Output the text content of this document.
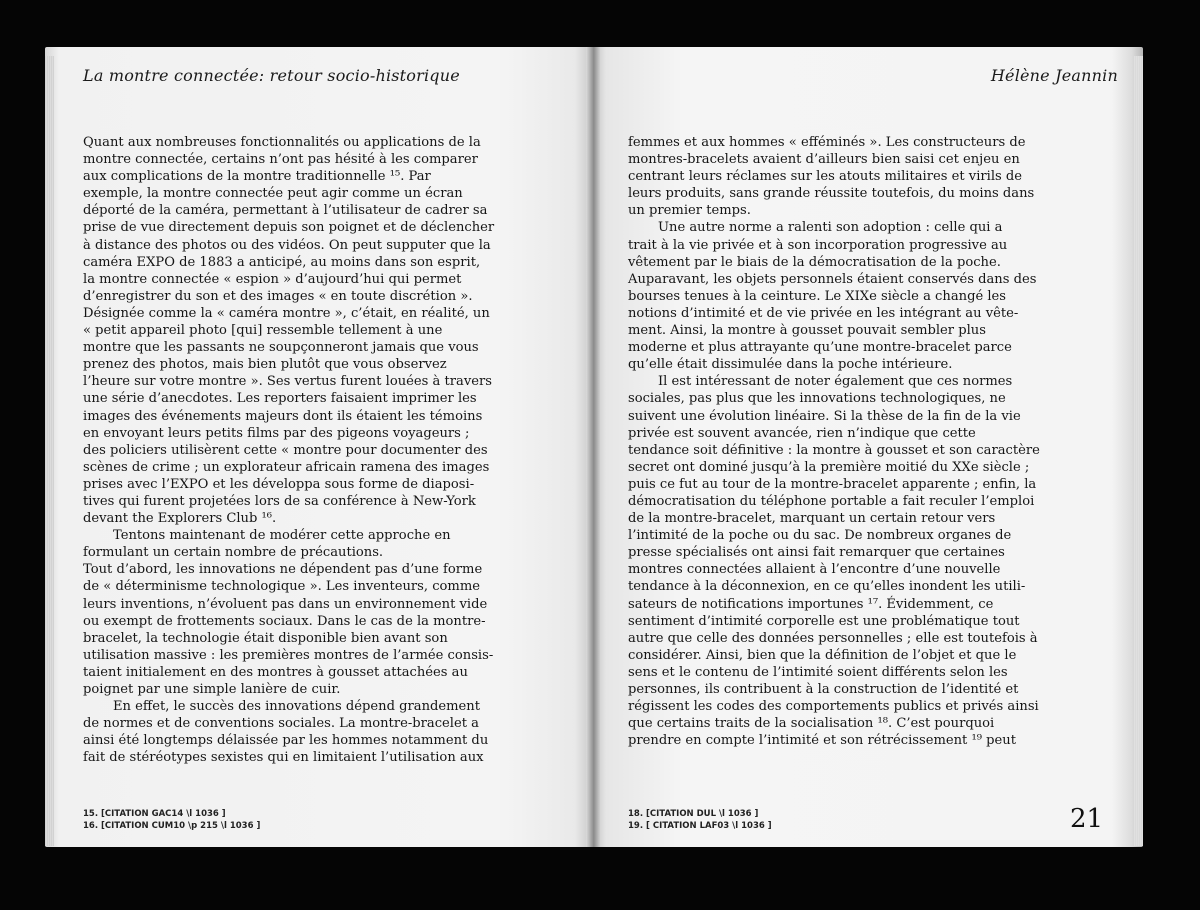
La montre connectée: retour socio-historique	Hélène Jeannin

Quant aux nombreuses fonctionnalités ou applications de la
montre connectée, certains n’ont pas hésité à les comparer
aux complications de la montre traditionnelle ¹⁵. Par
exemple, la montre connectée peut agir comme un écran
déporté de la caméra, permettant à l’utilisateur de cadrer sa
prise de vue directement depuis son poignet et de déclencher
à distance des photos ou des vidéos. On peut supputer que la
caméra EXPO de 1883 a anticipé, au moins dans son esprit,
la montre connectée « espion » d’aujourd’hui qui permet
d’enregistrer du son et des images « en toute discrétion ».
Désignée comme la « caméra montre », c’était, en réalité, un
« petit appareil photo [qui] ressemble tellement à une
montre que les passants ne soupçonneront jamais que vous
prenez des photos, mais bien plutôt que vous observez
l’heure sur votre montre ». Ses vertus furent louées à travers
une série d’anecdotes. Les reporters faisaient imprimer les
images des événements majeurs dont ils étaient les témoins
en envoyant leurs petits films par des pigeons voyageurs ;
des policiers utilisèrent cette « montre pour documenter des
scènes de crime ; un explorateur africain ramena des images
prises avec l’EXPO et les développa sous forme de diaposi-
tives qui furent projetées lors de sa conférence à New-York
devant the Explorers Club ¹⁶.

Tentons maintenant de modérer cette approche en
formulant un certain nombre de précautions.

Tout d’abord, les innovations ne dépendent pas d’une forme
de « déterminisme technologique ». Les inventeurs, comme
leurs inventions, n’évoluent pas dans un environnement vide
ou exempt de frottements sociaux. Dans le cas de la montre-
bracelet, la technologie était disponible bien avant son
utilisation massive : les premières montres de l’armée consis-
taient initialement en des montres à gousset attachées au
poignet par une simple lanière de cuir.

En effet, le succès des innovations dépend grandement
de normes et de conventions sociales. La montre-bracelet a
ainsi été longtemps délaissée par les hommes notamment du
fait de stéréotypes sexistes qui en limitaient l’utilisation aux

femmes et aux hommes « efféminés ». Les constructeurs de
montres-bracelets avaient d’ailleurs bien saisi cet enjeu en
centrant leurs réclames sur les atouts militaires et virils de
leurs produits, sans grande réussite toutefois, du moins dans
un premier temps.

Une autre norme a ralenti son adoption : celle qui a
trait à la vie privée et à son incorporation progressive au
vêtement par le biais de la démocratisation de la poche.
Auparavant, les objets personnels étaient conservés dans des
bourses tenues à la ceinture. Le XIXe siècle a changé les
notions d’intimité et de vie privée en les intégrant au vête-
ment. Ainsi, la montre à gousset pouvait sembler plus
moderne et plus attrayante qu’une montre-bracelet parce
qu’elle était dissimulée dans la poche intérieure.

Il est intéressant de noter également que ces normes
sociales, pas plus que les innovations technologiques, ne
suivent une évolution linéaire. Si la thèse de la fin de la vie
privée est souvent avancée, rien n’indique que cette
tendance soit définitive : la montre à gousset et son caractère
secret ont dominé jusqu’à la première moitié du XXe siècle ;
puis ce fut au tour de la montre-bracelet apparente ; enfin, la
démocratisation du téléphone portable a fait reculer l’emploi
de la montre-bracelet, marquant un certain retour vers
l’intimité de la poche ou du sac. De nombreux organes de
presse spécialisés ont ainsi fait remarquer que certaines
montres connectées allaient à l’encontre d’une nouvelle
tendance à la déconnexion, en ce qu’elles inondent les utili-
sateurs de notifications importunes ¹⁷. Évidemment, ce
sentiment d’intimité corporelle est une problématique tout
autre que celle des données personnelles ; elle est toutefois à
considérer. Ainsi, bien que la définition de l’objet et que le
sens et le contenu de l’intimité soient différents selon les
personnes, ils contribuent à la construction de l’identité et
régissent les codes des comportements publics et privés ainsi
que certains traits de la socialisation ¹⁸. C’est pourquoi
prendre en compte l’intimité et son rétrécissement ¹⁹ peut

15. [CITATION GAC14 \l 1036 ]
16. [CITATION CUM10 \p 215 \l 1036 ]
18. [CITATION DUL \l 1036 ]
19. [ CITATION LAF03 \l 1036 ]	21
